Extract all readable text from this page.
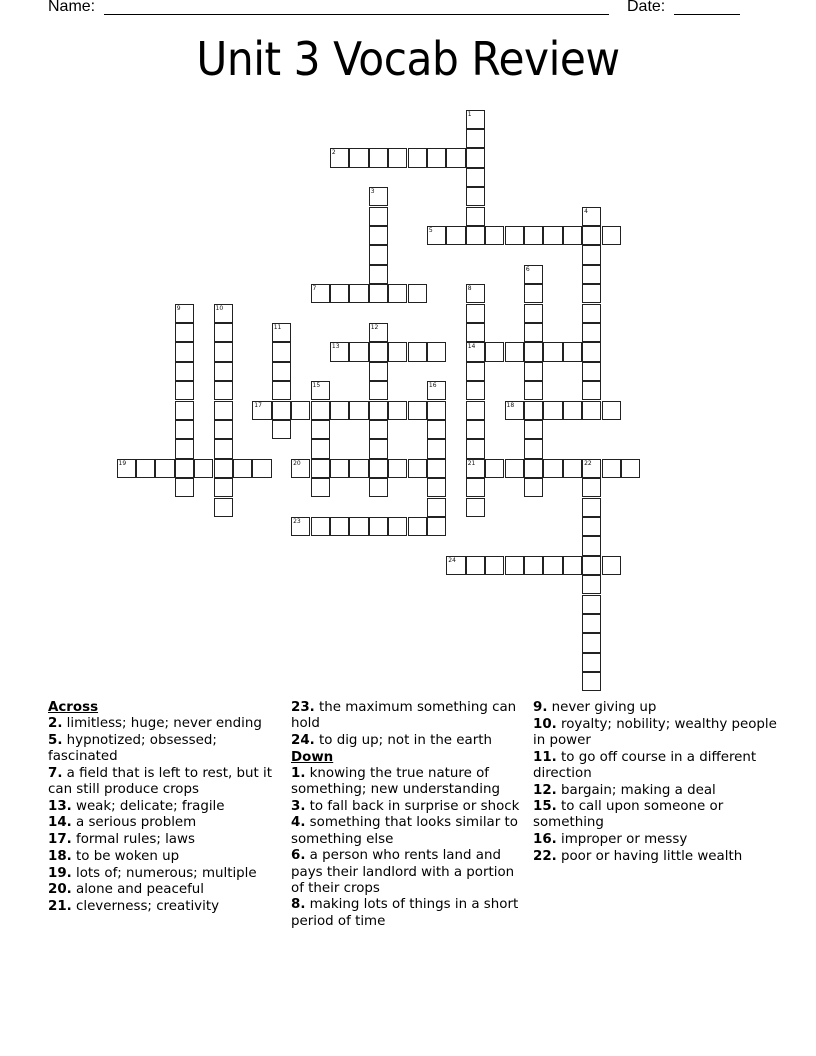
Name:	Date:
Unit 3 Vocab Review
1
2
3
4
5
6
7	8
14
21
9	10
11	12
13
15	16
17	18
19	20	22
23
24
Across
2. limitless; huge; never ending
5. hypnotized; obsessed; fascinated
7. a field that is left to rest, but it can still produce crops
13. weak; delicate; fragile
14. a serious problem
17. formal rules; laws
18. to be woken up
19. lots of; numerous; multiple
20. alone and peaceful
21. cleverness; creativity
23. the maximum something can hold
24. to dig up; not in the earth
Down
1. knowing the true nature of something; new understanding
3. to fall back in surprise or shock
4. something that looks similar to something else
6. a person who rents land and pays their landlord with a portion of their crops
8. making lots of things in a short period of time
9. never giving up
10. royalty; nobility; wealthy people in power
11. to go off course in a different direction
12. bargain; making a deal
15. to call upon someone or something
16. improper or messy
22. poor or having little wealth
